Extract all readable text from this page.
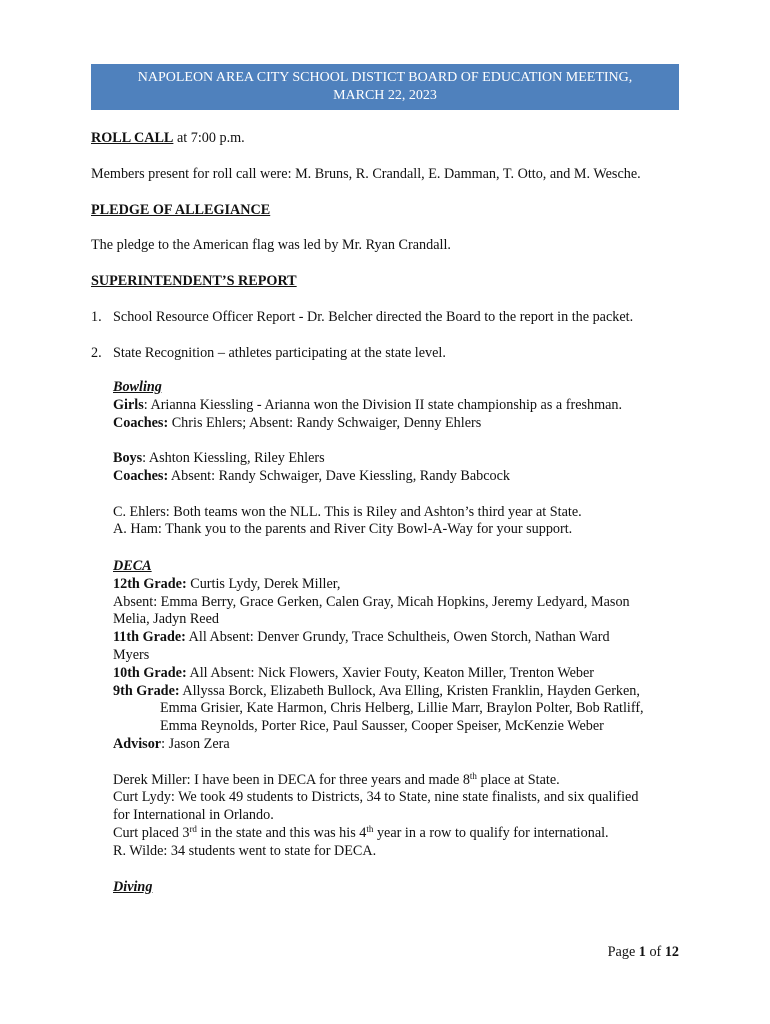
NAPOLEON AREA CITY SCHOOL DISTICT BOARD OF EDUCATION MEETING,
MARCH 22, 2023
ROLL CALL at 7:00 p.m.
Members present for roll call were: M. Bruns, R. Crandall, E. Damman, T. Otto, and M. Wesche.
PLEDGE OF ALLEGIANCE
The pledge to the American flag was led by Mr. Ryan Crandall.
SUPERINTENDENT’S REPORT
1. School Resource Officer Report - Dr. Belcher directed the Board to the report in the packet.
2. State Recognition – athletes participating at the state level.
Bowling
Girls: Arianna Kiessling - Arianna won the Division II state championship as a freshman.
Coaches: Chris Ehlers; Absent: Randy Schwaiger, Denny Ehlers

Boys: Ashton Kiessling, Riley Ehlers
Coaches: Absent: Randy Schwaiger, Dave Kiessling, Randy Babcock

C. Ehlers: Both teams won the NLL. This is Riley and Ashton’s third year at State.
A. Ham: Thank you to the parents and River City Bowl-A-Way for your support.
DECA
12th Grade: Curtis Lydy, Derek Miller,
Absent: Emma Berry, Grace Gerken, Calen Gray, Micah Hopkins, Jeremy Ledyard, Mason
Melia, Jadyn Reed
11th Grade: All Absent: Denver Grundy, Trace Schultheis, Owen Storch, Nathan Ward
Myers
10th Grade: All Absent: Nick Flowers, Xavier Fouty, Keaton Miller, Trenton Weber
9th Grade: Allyssa Borck, Elizabeth Bullock, Ava Elling, Kristen Franklin, Hayden Gerken,
Emma Grisier, Kate Harmon, Chris Helberg, Lillie Marr, Braylon Polter, Bob Ratliff,
Emma Reynolds, Porter Rice, Paul Sausser, Cooper Speiser, McKenzie Weber
Advisor: Jason Zera

Derek Miller: I have been in DECA for three years and made 8th place at State.
Curt Lydy: We took 49 students to Districts, 34 to State, nine state finalists, and six qualified
for International in Orlando.
Curt placed 3rd in the state and this was his 4th year in a row to qualify for international.
R. Wilde: 34 students went to state for DECA.
Diving
Page 1 of 12
